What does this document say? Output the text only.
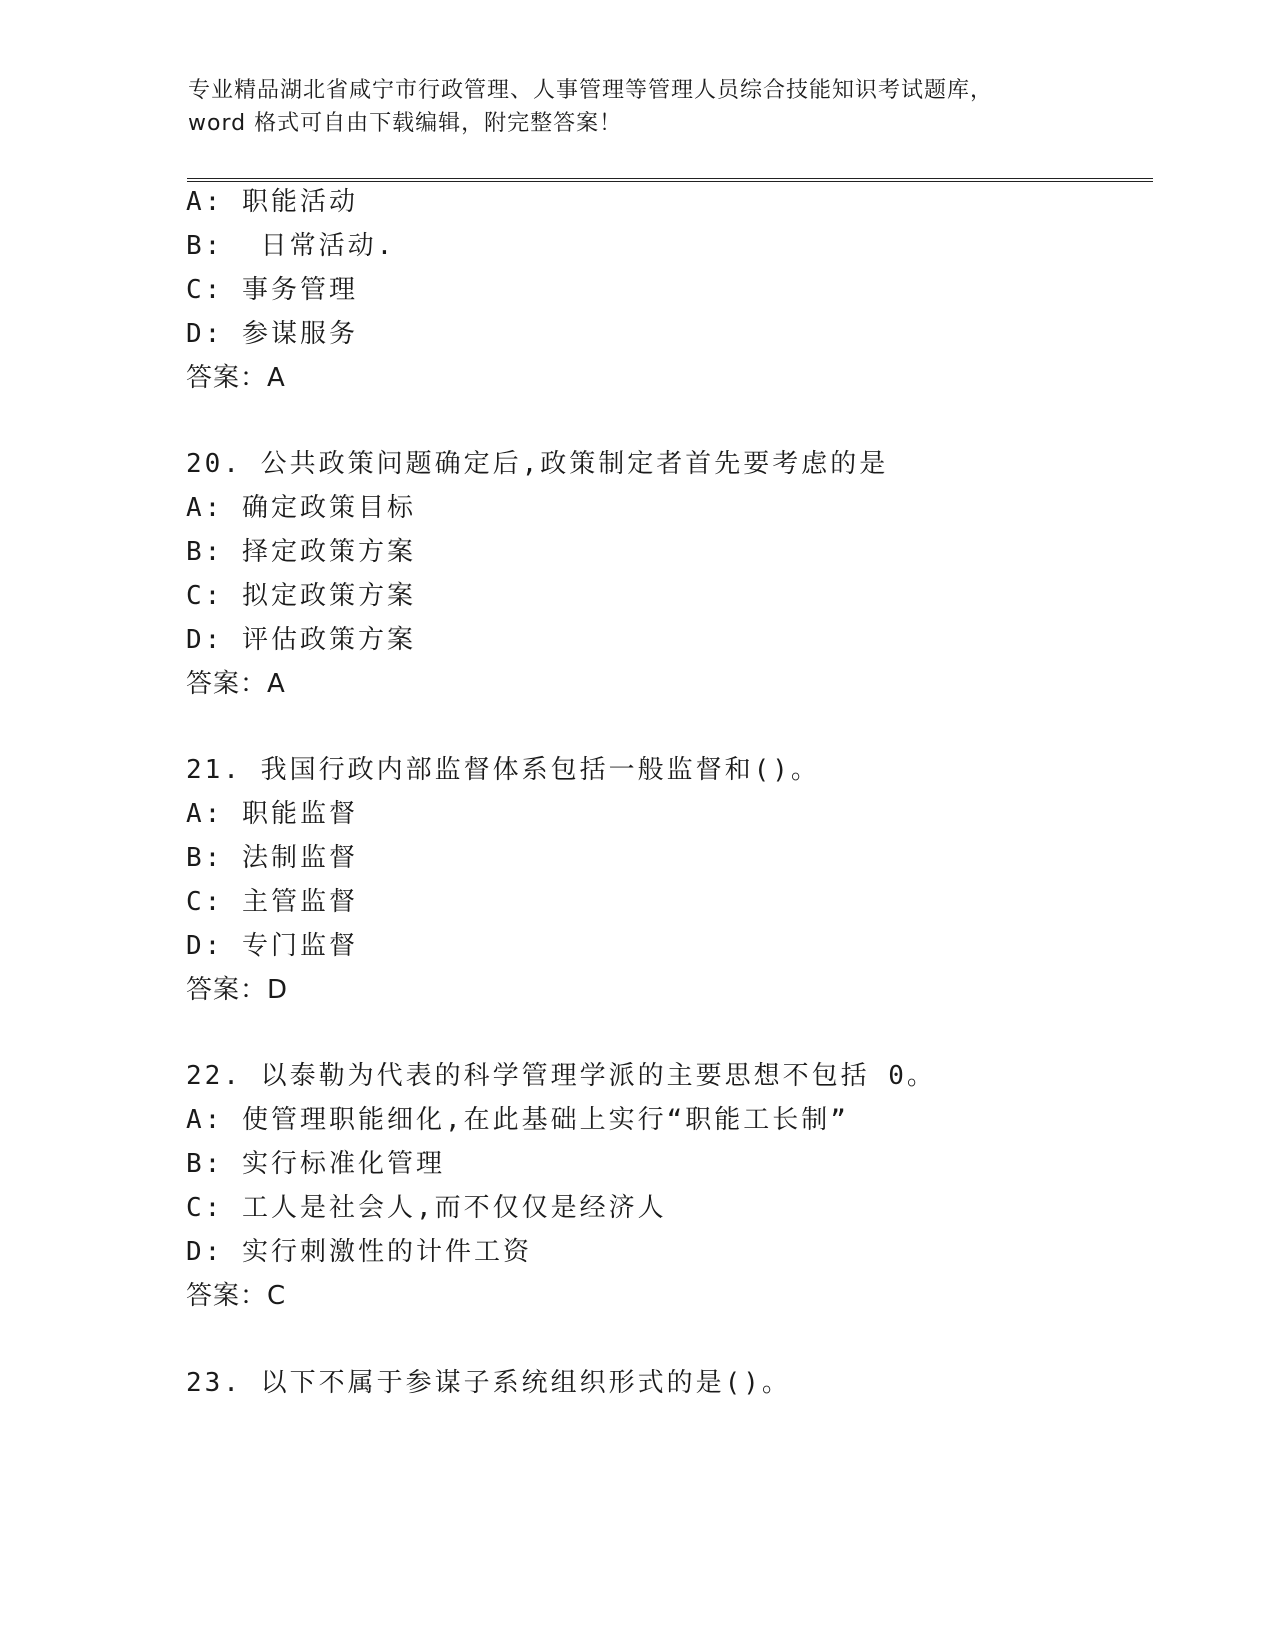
专业精品湖北省咸宁市行政管理、人事管理等管理人员综合技能知识考试题库，
word 格式可自由下载编辑，附完整答案！
A: 职能活动
B:  日常活动.
C: 事务管理
D: 参谋服务
答案：A
20. 公共政策问题确定后,政策制定者首先要考虑的是
A: 确定政策目标
B: 择定政策方案
C: 拟定政策方案
D: 评估政策方案
答案：A
21. 我国行政内部监督体系包括一般监督和()。
A: 职能监督
B: 法制监督
C: 主管监督
D: 专门监督
答案：D
22. 以泰勒为代表的科学管理学派的主要思想不包括 0。
A: 使管理职能细化,在此基础上实行“职能工长制”
B: 实行标准化管理
C: 工人是社会人,而不仅仅是经济人
D: 实行刺激性的计件工资
答案：C
23. 以下不属于参谋子系统组织形式的是()。
